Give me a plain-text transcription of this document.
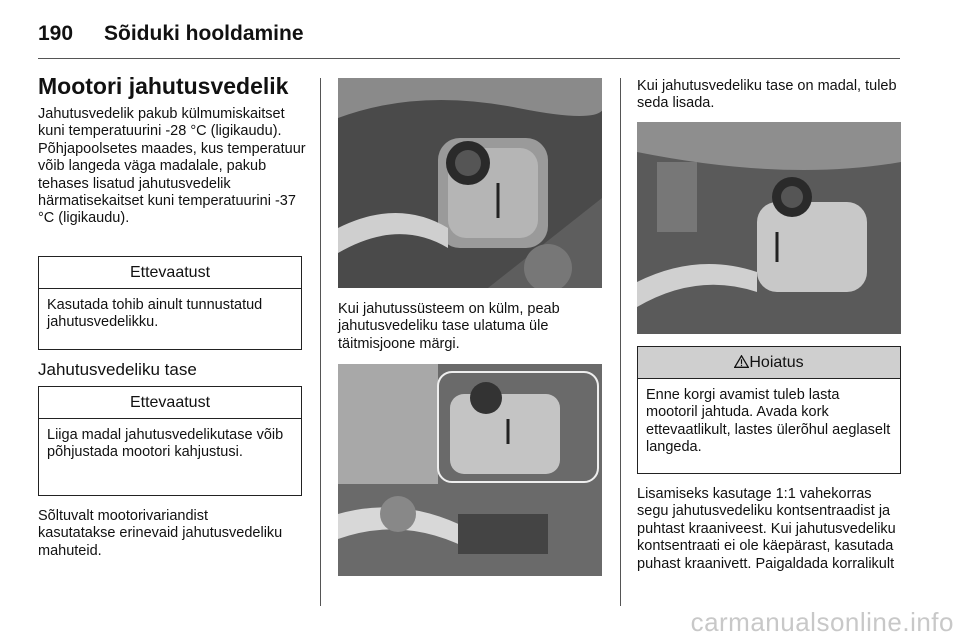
190 Sõiduki hooldamine
Mootori jahutusvedelik

Jahutusvedelik pakub külmumiskaitset kuni temperatuurini -28 °C (ligikaudu). Põhjapoolsetes maades, kus temperatuur võib langeda väga madalale, pakub tehases lisatud jahutusvedelik härmatisekaitset kuni temperatuurini -37 °C (ligikaudu).

Ettevaatust
Kasutada tohib ainult tunnustatud jahutusvedelikku.
Jahutusvedeliku tase
Ettevaatust
Liiga madal jahutusvedelikutase võib põhjustada mootori kahjustusi.

Sõltuvalt mootorivariandist kasutatakse erinevaid jahutusvedeliku mahuteid.

Kui jahutussüsteem on külm, peab jahutusvedeliku tase ulatuma üle täitmisjoone märgi.

Kui jahutusvedeliku tase on madal, tuleb seda lisada.

Hoiatus
Enne korgi avamist tuleb lasta mootoril jahtuda. Avada kork ettevaatlikult, lastes ülerõhul aeglaselt langeda.

Lisamiseks kasutage 1:1 vahekorras segu jahutusvedeliku kontsentraadist ja puhtast kraaniveest. Kui jahutusvedeliku kontsentraati ei ole käepärast, kasutada puhast kraanivett. Paigaldada korralikult

carmanualsonline.info
